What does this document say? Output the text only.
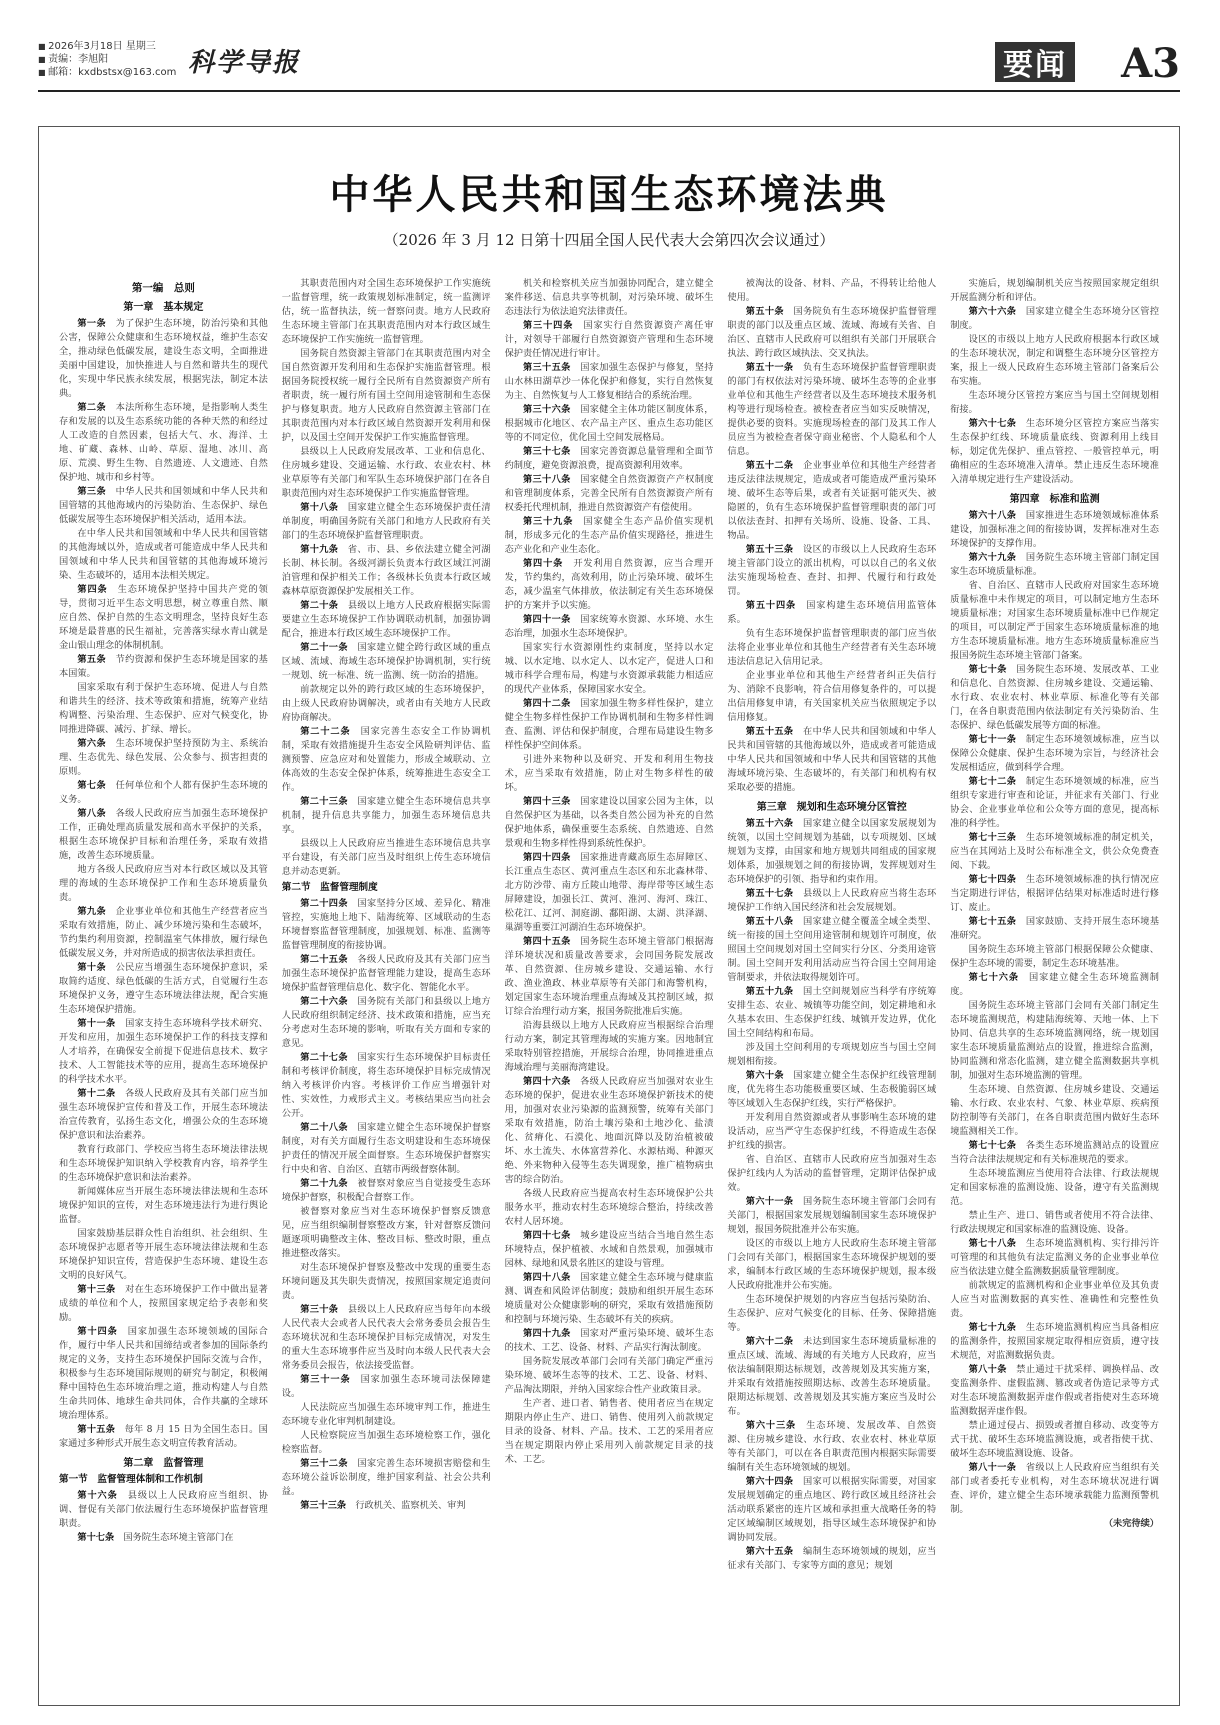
■ 2026年3月18日 星期三
■ 责编：李旭阳
■ 邮箱：kxdbstsx@163.com 科学导报	要闻 A3
中华人民共和国生态环境法典
（2026 年 3 月 12 日第十四届全国人民代表大会第四次会议通过）
第一编　总则
第一章　基本规定

第一条　 为了保护生态环境，防治污染和其他公害，保障公众健康和生态环境权益，维护生态安全，推动绿色低碳发展，建设生态文明，全面推进美丽中国建设，加快推进人与自然和谐共生的现代化，实现中华民族永续发展，根据宪法，制定本法典。

第二条　 本法所称生态环境，是指影响人类生存和发展的以及生态系统功能的各种天然的和经过人工改造的自然因素，包括大气、水、海洋、土地、矿藏、森林、山岭、草原、湿地、冰川、高原、荒漠、野生生物、自然遗迹、人文遗迹、自然保护地、城市和乡村等。

第三条　 中华人民共和国领域和中华人民共和国管辖的其他海域内的污染防治、生态保护、绿色低碳发展等生态环境保护相关活动，适用本法。

在中华人民共和国领域和中华人民共和国管辖的其他海域以外，造成或者可能造成中华人民共和国领域和中华人民共和国管辖的其他海域环境污染、生态破坏的，适用本法相关规定。

第四条　 生态环境保护坚持中国共产党的领导，贯彻习近平生态文明思想，树立尊重自然、顺应自然、保护自然的生态文明理念，坚持良好生态环境是最普惠的民生福祉，完善落实绿水青山就是金山银山理念的体制机制。

第五条　 节约资源和保护生态环境是国家的基本国策。

国家采取有利于保护生态环境、促进人与自然和谐共生的经济、技术等政策和措施，统筹产业结构调整、污染治理、生态保护、应对气候变化，协同推进降碳、减污、扩绿、增长。

第六条　 生态环境保护坚持预防为主、系统治理、生态优先、绿色发展、公众参与、损害担责的原则。

第七条　 任何单位和个人都有保护生态环境的义务。

第八条　 各级人民政府应当加强生态环境保护工作，正确处理高质量发展和高水平保护的关系，根据生态环境保护目标和治理任务，采取有效措施，改善生态环境质量。

地方各级人民政府应当对本行政区域以及其管理的海域的生态环境保护工作和生态环境质量负责。

第九条　 企业事业单位和其他生产经营者应当采取有效措施，防止、减少环境污染和生态破坏，节约集约利用资源，控制温室气体排放，履行绿色低碳发展义务，并对所造成的损害依法承担责任。

第十条　 公民应当增强生态环境保护意识，采取简约适度、绿色低碳的生活方式，自觉履行生态环境保护义务，遵守生态环境法律法规，配合实施生态环境保护措施。

第十一条　 国家支持生态环境科学技术研究、开发和应用，加强生态环境保护工作的科技支撑和人才培养，在确保安全前提下促进信息技术、数字技术、人工智能技术等的应用，提高生态环境保护的科学技术水平。

第十二条　 各级人民政府及其有关部门应当加强生态环境保护宣传和普及工作，开展生态环境法治宣传教育，弘扬生态文化，增强公众的生态环境保护意识和法治素养。

教育行政部门、学校应当将生态环境法律法规和生态环境保护知识纳入学校教育内容，培养学生的生态环境保护意识和法治素养。

新闻媒体应当开展生态环境法律法规和生态环境保护知识的宣传，对生态环境违法行为进行舆论监督。

国家鼓励基层群众性自治组织、社会组织、生态环境保护志愿者等开展生态环境法律法规和生态环境保护知识宣传，营造保护生态环境、建设生态文明的良好风气。

第十三条　 对在生态环境保护工作中做出显著成绩的单位和个人，按照国家规定给予表彰和奖励。

第十四条　 国家加强生态环境领域的国际合作，履行中华人民共和国缔结或者参加的国际条约规定的义务，支持生态环境保护国际交流与合作，积极参与生态环境国际规则的研究与制定，积极阐释中国特色生态环境治理之道，推动构建人与自然生命共同体、地球生命共同体，合作共赢的全球环境治理体系。

第十五条　 每年 8 月 15 日为全国生态日。国家通过多种形式开展生态文明宣传教育活动。

第二章　监督管理
第一节　监督管理体制和工作机制

第十六条　 县级以上人民政府应当组织、协调、督促有关部门依法履行生态环境保护监督管理职责。

第十七条　 国务院生态环境主管部门在

其职责范围内对全国生态环境保护工作实施统一监督管理，统一政策规划标准制定，统一监测评估，统一监督执法，统一督察问责。地方人民政府生态环境主管部门在其职责范围内对本行政区域生态环境保护工作实施统一监督管理。

国务院自然资源主管部门在其职责范围内对全国自然资源开发利用和生态保护实施监督管理。根据国务院授权统一履行全民所有自然资源资产所有者职责，统一履行所有国土空间用途管制和生态保护与修复职责。地方人民政府自然资源主管部门在其职责范围内对本行政区域自然资源开发利用和保护，以及国土空间开发保护工作实施监督管理。

县级以上人民政府发展改革、工业和信息化、住房城乡建设、交通运输、水行政、农业农村、林业草原等有关部门和军队生态环境保护部门在各自职责范围内对生态环境保护工作实施监督管理。

第十八条　 国家建立健全生态环境保护责任清单制度，明确国务院有关部门和地方人民政府有关部门的生态环境保护监督管理职责。

第十九条　 省、市、县、乡依法建立健全河湖长制、林长制。各级河湖长负责本行政区域江河湖泊管理和保护相关工作；各级林长负责本行政区域森林草原资源保护发展相关工作。

第二十条　 县级以上地方人民政府根据实际需要建立生态环境保护工作协调联动机制，加强协调配合，推进本行政区域生态环境保护工作。

第二十一条　 国家建立健全跨行政区域的重点区域、流域、海域生态环境保护协调机制，实行统一规划、统一标准、统一监测、统一防治的措施。

前款规定以外的跨行政区域的生态环境保护，由上级人民政府协调解决，或者由有关地方人民政府协商解决。

第二十二条　 国家完善生态安全工作协调机制，采取有效措施提升生态安全风险研判评估、监测预警、应急应对和处置能力，形成全域联动、立体高效的生态安全保护体系，统筹推进生态安全工作。

第二十三条　 国家建立健全生态环境信息共享机制，提升信息共享能力，加强生态环境信息共享。

县级以上人民政府应当推进生态环境信息共享平台建设，有关部门应当及时组织上传生态环境信息并动态更新。

第二节　监督管理制度

第二十四条　 国家坚持分区域、差异化、精准管控，实施地上地下、陆海统筹、区域联动的生态环境督察监督管理制度，加强规划、标准、监测等监督管理制度的衔接协调。

第二十五条　 各级人民政府及其有关部门应当加强生态环境保护监督管理能力建设，提高生态环境保护监督管理信息化、数字化、智能化水平。

第二十六条　 国务院有关部门和县级以上地方人民政府组织制定经济、技术政策和措施，应当充分考虑对生态环境的影响，听取有关方面和专家的意见。

第二十七条　 国家实行生态环境保护目标责任制和考核评价制度，将生态环境保护目标完成情况纳入考核评价内容。考核评价工作应当增强针对性、实效性，力戒形式主义。考核结果应当向社会公开。

第二十八条　 国家建立健全生态环境保护督察制度，对有关方面履行生态文明建设和生态环境保护责任的情况开展全面督察。生态环境保护督察实行中央和省、自治区、直辖市两级督察体制。

第二十九条　 被督察对象应当自觉接受生态环境保护督察，积极配合督察工作。

被督察对象应当对生态环境保护督察反馈意见，应当组织编制督察整改方案，针对督察反馈问题逐项明确整改主体、整改目标、整改时限，重点推进整改落实。

对生态环境保护督察及整改中发现的重要生态环境问题及其失职失责情况，按照国家规定追责问责。

第三十条　 县级以上人民政府应当每年向本级人民代表大会或者人民代表大会常务委员会报告生态环境状况和生态环境保护目标完成情况，对发生的重大生态环境事件应当及时向本级人民代表大会常务委员会报告，依法接受监督。

第三十一条　 国家加强生态环境司法保障建设。

人民法院应当加强生态环境审判工作，推进生态环境专业化审判机制建设。

人民检察院应当加强生态环境检察工作，强化检察监督。

第三十二条　 国家完善生态环境损害赔偿和生态环境公益诉讼制度，维护国家利益、社会公共利益。

第三十三条　 行政机关、监察机关、审判

机关和检察机关应当加强协同配合，建立健全案件移送、信息共享等机制，对污染环境、破坏生态违法行为依法追究法律责任。

第三十四条　 国家实行自然资源资产离任审计，对领导干部履行自然资源资产管理和生态环境保护责任情况进行审计。

第三十五条　 国家加强生态保护与修复，坚持山水林田湖草沙一体化保护和修复，实行自然恢复为主、自然恢复与人工修复相结合的系统治理。

第三十六条　 国家健全主体功能区制度体系，根据城市化地区、农产品主产区、重点生态功能区等的不同定位，优化国土空间发展格局。

第三十七条　 国家完善资源总量管理和全面节约制度，避免资源浪费，提高资源利用效率。

第三十八条　 国家健全自然资源资产产权制度和管理制度体系，完善全民所有自然资源资产所有权委托代理机制，推进自然资源资产有偿使用。

第三十九条　 国家健全生态产品价值实现机制，形成多元化的生态产品价值实现路径，推进生态产业化和产业生态化。

第四十条　 开发利用自然资源，应当合理开发，节约集约，高效利用，防止污染环境、破坏生态，减少温室气体排放，依法制定有关生态环境保护的方案并予以实施。

第四十一条　 国家统筹水资源、水环境、水生态治理，加强水生态环境保护。

国家实行水资源刚性约束制度，坚持以水定城、以水定地、以水定人、以水定产，促进人口和城市科学合理布局，构建与水资源承载能力相适应的现代产业体系，保障国家水安全。

第四十二条　 国家加强生物多样性保护，建立健全生物多样性保护工作协调机制和生物多样性调查、监测、评估和保护制度，合理布局建设生物多样性保护空间体系。

引进外来物种以及研究、开发和利用生物技术，应当采取有效措施，防止对生物多样性的破坏。

第四十三条　 国家建设以国家公园为主体，以自然保护区为基础，以各类自然公园为补充的自然保护地体系，确保重要生态系统、自然遗迹、自然景观和生物多样性得到系统性保护。

第四十四条　 国家推进青藏高原生态屏障区、长江重点生态区、黄河重点生态区和东北森林带、北方防沙带、南方丘陵山地带、海岸带等区域生态屏障建设，加强长江、黄河、淮河、海河、珠江、松花江、辽河、洞庭湖、鄱阳湖、太湖、洪泽湖、巢湖等重要江河湖泊生态环境保护。

第四十五条　 国务院生态环境主管部门根据海洋环境状况和质量改善要求，会同国务院发展改革、自然资源、住房城乡建设、交通运输、水行政、渔业渔政、林业草原等有关部门和海警机构，划定国家生态环境治理重点海域及其控制区域，拟订综合治理行动方案，报国务院批准后实施。

沿海县级以上地方人民政府应当根据综合治理行动方案，制定其管理海域的实施方案。因地制宜采取特别管控措施，开展综合治理，协同推进重点海域治理与美丽海湾建设。

第四十六条　 各级人民政府应当加强对农业生态环境的保护，促进农业生态环境保护新技术的使用，加强对农业污染源的监测预警，统筹有关部门采取有效措施，防治土壤污染和土地沙化、盐渍化、贫瘠化、石漠化、地面沉降以及防治植被破坏、水土流失、水体富营养化、水源枯竭、种源灭绝、外来物种入侵等生态失调现象，推广植物病虫害的综合防治。

各级人民政府应当提高农村生态环境保护公共服务水平，推动农村生态环境综合整治，持续改善农村人居环境。

第四十七条　 城乡建设应当结合当地自然生态环境特点，保护植被、水域和自然景观，加强城市园林、绿地和风景名胜区的建设与管理。

第四十八条　 国家建立健全生态环境与健康监测、调查和风险评估制度；鼓励和组织开展生态环境质量对公众健康影响的研究，采取有效措施预防和控制与环境污染、生态破坏有关的疾病。

第四十九条　 国家对严重污染环境、破坏生态的技术、工艺、设备、材料、产品实行淘汰制度。

国务院发展改革部门会同有关部门确定严重污染环境、破坏生态等的技术、工艺、设备、材料、产品淘汰期限，并纳入国家综合性产业政策目录。

生产者、进口者、销售者、使用者应当在规定期限内停止生产、进口、销售、使用列入前款规定目录的设备、材料、产品。技术、工艺的采用者应当在规定期限内停止采用列入前款规定目录的技术、工艺。

被淘汰的设备、材料、产品，不得转让给他人使用。

第五十条　 国务院负有生态环境保护监督管理职责的部门以及重点区域、流域、海域有关省、自治区、直辖市人民政府可以组织有关部门开展联合执法、跨行政区域执法、交叉执法。

第五十一条　 负有生态环境保护监督管理职责的部门有权依法对污染环境、破坏生态等的企业事业单位和其他生产经营者以及生态环境技术服务机构等进行现场检查。被检查者应当如实反映情况，提供必要的资料。实施现场检查的部门及其工作人员应当为被检查者保守商业秘密、个人隐私和个人信息。

第五十二条　 企业事业单位和其他生产经营者违反法律法规规定，造成或者可能造成严重污染环境、破坏生态等后果，或者有关证据可能灭失、被隐匿的，负有生态环境保护监督管理职责的部门可以依法查封、扣押有关场所、设施、设备、工具、物品。

第五十三条　 设区的市级以上人民政府生态环境主管部门设立的派出机构，可以以自己的名义依法实施现场检查、查封、扣押、代履行和行政处罚。

第五十四条　 国家构建生态环境信用监管体系。

负有生态环境保护监督管理职责的部门应当依法将企业事业单位和其他生产经营者有关生态环境违法信息记入信用记录。

企业事业单位和其他生产经营者纠正失信行为、消除不良影响，符合信用修复条件的，可以提出信用修复申请，有关国家机关应当依照规定予以信用修复。

第五十五条　 在中华人民共和国领域和中华人民共和国管辖的其他海域以外，造成或者可能造成中华人民共和国领域和中华人民共和国管辖的其他海域环境污染、生态破坏的，有关部门和机构有权采取必要的措施。

第三章　规划和生态环境分区管控

第五十六条　 国家建立健全以国家发展规划为统领，以国土空间规划为基础，以专项规划、区域规划为支撑，由国家和地方规划共同组成的国家规划体系，加强规划之间的衔接协调，发挥规划对生态环境保护的引领、指导和约束作用。

第五十七条　 县级以上人民政府应当将生态环境保护工作纳入国民经济和社会发展规划。

第五十八条　 国家建立健全覆盖全域全类型、统一衔接的国土空间用途管制和规划许可制度，依照国土空间规划对国土空间实行分区、分类用途管制。国土空间开发利用活动应当符合国土空间用途管制要求，并依法取得规划许可。

第五十九条　 国土空间规划应当科学有序统筹安排生态、农业、城镇等功能空间，划定耕地和永久基本农田、生态保护红线、城镇开发边界，优化国土空间结构和布局。

涉及国土空间利用的专项规划应当与国土空间规划相衔接。

第六十条　 国家建立健全生态保护红线管理制度，优先将生态功能极重要区域、生态极脆弱区域等区域划入生态保护红线，实行严格保护。

开发利用自然资源或者从事影响生态环境的建设活动，应当严守生态保护红线，不得造成生态保护红线的损害。

省、自治区、直辖市人民政府应当加强对生态保护红线内人为活动的监督管理，定期评估保护成效。

第六十一条　 国务院生态环境主管部门会同有关部门，根据国家发展规划编制国家生态环境保护规划，报国务院批准并公布实施。

设区的市级以上地方人民政府生态环境主管部门会同有关部门，根据国家生态环境保护规划的要求，编制本行政区域的生态环境保护规划，报本级人民政府批准并公布实施。

生态环境保护规划的内容应当包括污染防治、生态保护、应对气候变化的目标、任务、保障措施等。

第六十二条　 未达到国家生态环境质量标准的重点区域、流域、海域的有关地方人民政府，应当依法编制限期达标规划，改善规划及其实施方案，并采取有效措施按照期达标、改善生态环境质量。限期达标规划、改善规划及其实施方案应当及时公布。

第六十三条　 生态环境、发展改革、自然资源、住房城乡建设、水行政、农业农村、林业草原等有关部门，可以在各自职责范围内根据实际需要编制有关生态环境领域的规划。

第六十四条　 国家可以根据实际需要，对国家发展规划确定的重点地区、跨行政区域且经济社会活动联系紧密的连片区域和承担重大战略任务的特定区域编制区域规划，指导区域生态环境保护和协调协同发展。

第六十五条　 编制生态环境领域的规划，应当征求有关部门、专家等方面的意见；规划

实施后，规划编制机关应当按照国家规定组织开展监测分析和评估。

第六十六条　 国家建立健全生态环境分区管控制度。

设区的市级以上地方人民政府根据本行政区域的生态环境状况，制定和调整生态环境分区管控方案，报上一级人民政府生态环境主管部门备案后公布实施。

生态环境分区管控方案应当与国土空间规划相衔接。

第六十七条　 生态环境分区管控方案应当落实生态保护红线、环境质量底线、资源利用上线目标，划定优先保护、重点管控、一般管控单元，明确相应的生态环境准入清单。禁止违反生态环境准入清单规定进行生产建设活动。

第四章　标准和监测

第六十八条　 国家推进生态环境领域标准体系建设，加强标准之间的衔接协调，发挥标准对生态环境保护的支撑作用。

第六十九条　 国务院生态环境主管部门制定国家生态环境质量标准。

省、自治区、直辖市人民政府对国家生态环境质量标准中未作规定的项目，可以制定地方生态环境质量标准；对国家生态环境质量标准中已作规定的项目，可以制定严于国家生态环境质量标准的地方生态环境质量标准。地方生态环境质量标准应当报国务院生态环境主管部门备案。

第七十条　 国务院生态环境、发展改革、工业和信息化、自然资源、住房城乡建设、交通运输、水行政、农业农村、林业草原、标准化等有关部门，在各自职责范围内依法制定有关污染防治、生态保护、绿色低碳发展等方面的标准。

第七十一条　 制定生态环境领域标准，应当以保障公众健康、保护生态环境为宗旨，与经济社会发展相适应，做到科学合理。

第七十二条　 制定生态环境领域的标准，应当组织专家进行审查和论证，并征求有关部门、行业协会、企业事业单位和公众等方面的意见，提高标准的科学性。

第七十三条　 生态环境领域标准的制定机关，应当在其网站上及时公布标准全文，供公众免费查阅、下载。

第七十四条　 生态环境领域标准的执行情况应当定期进行评估，根据评估结果对标准适时进行修订、废止。

第七十五条　 国家鼓励、支持开展生态环境基准研究。

国务院生态环境主管部门根据保障公众健康、保护生态环境的需要，制定生态环境基准。

第七十六条　 国家建立健全生态环境监测制度。

国务院生态环境主管部门会同有关部门制定生态环境监测规范，构建陆海统筹、天地一体、上下协同、信息共享的生态环境监测网络，统一规划国家生态环境质量监测站点的设置，推进综合监测，协同监测和常态化监测，建立健全监测数据共享机制，加强对生态环境监测的管理。

生态环境、自然资源、住房城乡建设、交通运输、水行政、农业农村、气象、林业草原、疾病预防控制等有关部门，在各自职责范围内做好生态环境监测相关工作。

第七十七条　 各类生态环境监测站点的设置应当符合法律法规规定和有关标准规范的要求。

生态环境监测应当使用符合法律、行政法规规定和国家标准的监测设施、设备，遵守有关监测规范。

禁止生产、进口、销售或者使用不符合法律、行政法规规定和国家标准的监测设施、设备。

第七十八条　 生态环境监测机构、实行排污许可管理的和其他负有法定监测义务的企业事业单位应当依法建立健全监测数据质量管理制度。

前款规定的监测机构和企业事业单位及其负责人应当对监测数据的真实性、准确性和完整性负责。

第七十九条　 生态环境监测机构应当具备相应的监测条件，按照国家规定取得相应资质，遵守技术规范，对监测数据负责。

第八十条　 禁止通过干扰采样、调换样品、改变监测条件、虚假监测、篡改或者伪造记录等方式对生态环境监测数据弄虚作假或者指使对生态环境监测数据弄虚作假。

禁止通过侵占、损毁或者擅自移动、改变等方式干扰、破坏生态环境监测设施，或者指使干扰、破坏生态环境监测设施、设备。

第八十一条　 省级以上人民政府应当组织有关部门或者委托专业机构，对生态环境状况进行调查、评价，建立健全生态环境承载能力监测预警机制。

（未完待续）
